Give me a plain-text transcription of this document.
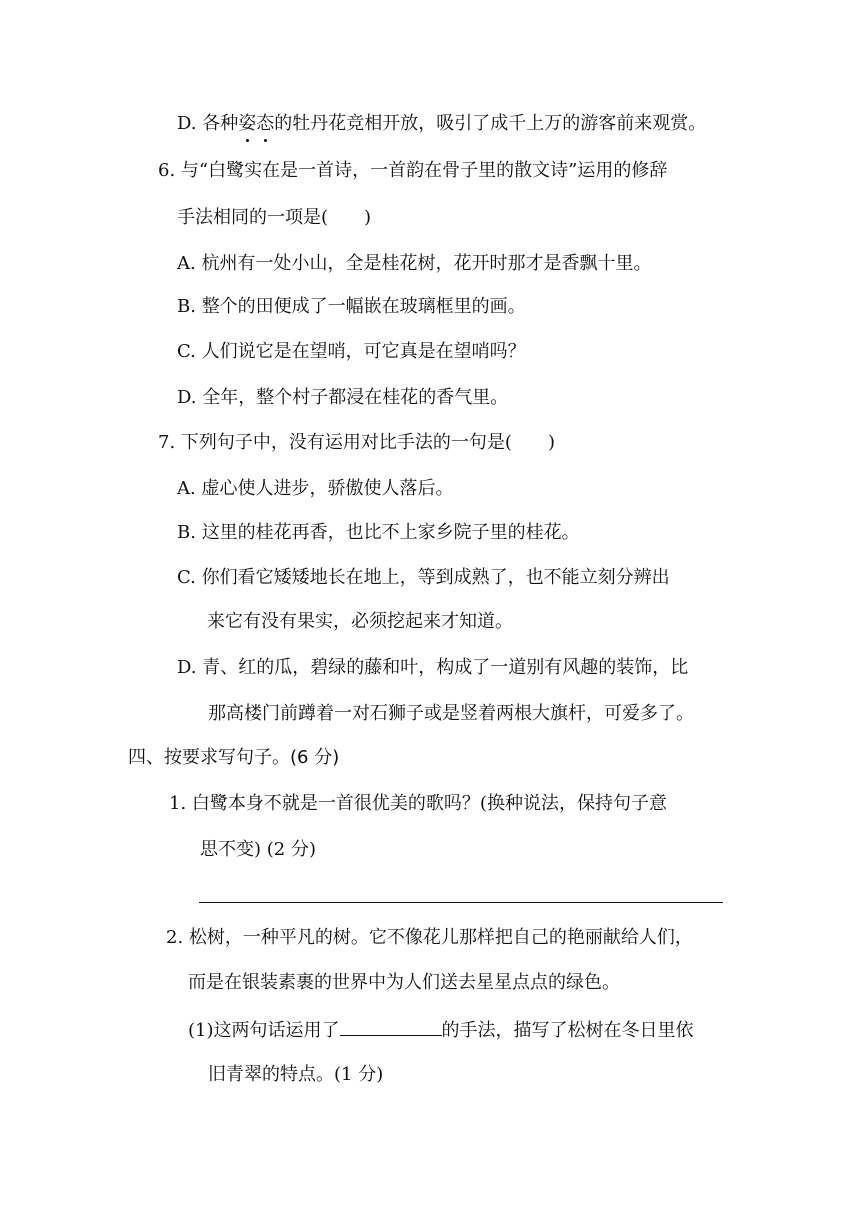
D. 各种姿态
的牡丹花竞相开放，吸引了成千上万的游客前来观赏。
6. 与“白鹭实在是一首诗，一首韵在骨子里的散文诗”运用的修辞
手法相同的一项是(　　)
A. 杭州有一处小山，全是桂花树，花开时那才是香飘十里。
B. 整个的田便成了一幅嵌在玻璃框里的画。
C. 人们说它是在望哨，可它真是在望哨吗？
D. 全年，整个村子都浸在桂花的香气里。
7. 下列句子中，没有运用对比手法的一句是(　　)
A. 虚心使人进步，骄傲使人落后。
B. 这里的桂花再香，也比不上家乡院子里的桂花。
C. 你们看它矮矮地长在地上，等到成熟了，也不能立刻分辨出
来它有没有果实，必须挖起来才知道。
D. 青、红的瓜，碧绿的藤和叶，构成了一道别有风趣的装饰，比
那高楼门前蹲着一对石狮子或是竖着两根大旗杆，可爱多了。
四、按要求写句子。(6 分)
1. 白鹭本身不就是一首很优美的歌吗？(换种说法，保持句子意
思不变) (2 分)
2. 松树，一种平凡的树。它不像花儿那样把自己的艳丽献给人们，
而是在银装素裹的世界中为人们送去星星点点的绿色。
(1)这两句话运用了	的手法，描写了松树在冬日里依
旧青翠的特点。(1 分)
